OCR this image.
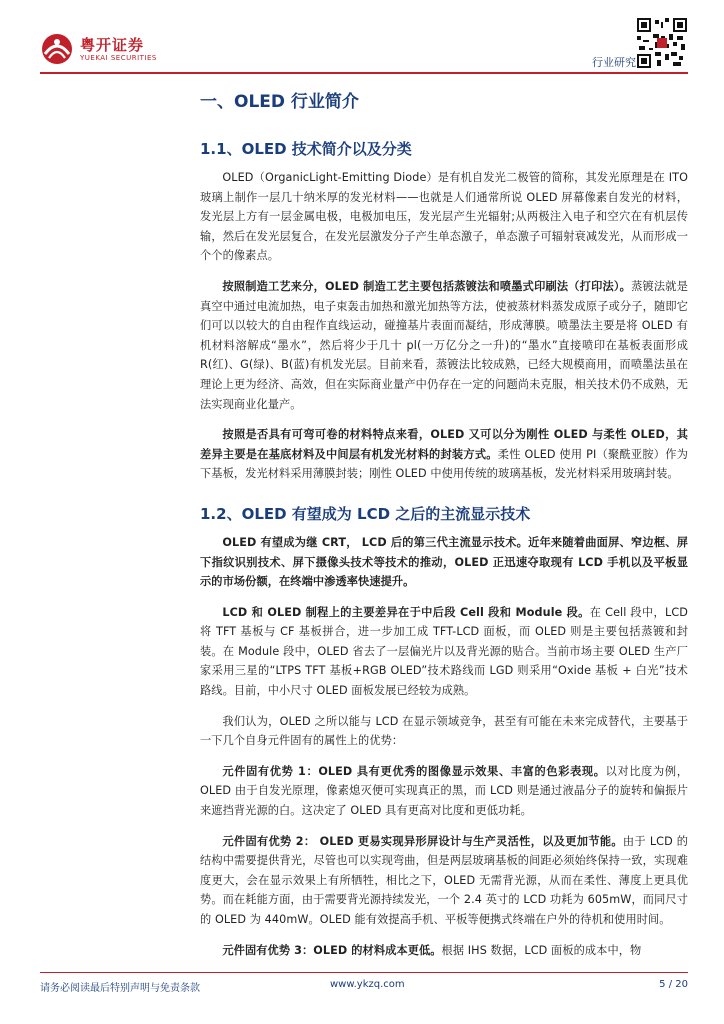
粤开证券
YUEKAI SECURITIES	行业研究
一、OLED 行业简介
1.1、OLED 技术简介以及分类

OLED（OrganicLight-Emitting Diode）是有机自发光二极管的简称，其发光原理是在 ITO 玻璃上制作一层几十纳米厚的发光材料——也就是人们通常所说 OLED 屏幕像素自发光的材料，发光层上方有一层金属电极，电极加电压，发光层产生光辐射;从两极注入电子和空穴在有机层传输，然后在发光层复合，在发光层激发分子产生单态激子，单态激子可辐射衰减发光，从而形成一个个的像素点。

按照制造工艺来分，OLED 制造工艺主要包括蒸镀法和喷墨式印刷法（打印法）。蒸镀法就是真空中通过电流加热，电子束轰击加热和激光加热等方法，使被蒸材料蒸发成原子或分子，随即它们可以以较大的自由程作直线运动，碰撞基片表面而凝结，形成薄膜。喷墨法主要是将 OLED 有机材料溶解成“墨水”，然后将少于几十 pl(一万亿分之一升)的“墨水”直接喷印在基板表面形成 R(红)、G(绿)、B(蓝)有机发光层。目前来看，蒸镀法比较成熟，已经大规模商用，而喷墨法虽在理论上更为经济、高效，但在实际商业量产中仍存在一定的问题尚未克服，相关技术仍不成熟，无法实现商业化量产。

按照是否具有可弯可卷的材料特点来看，OLED 又可以分为刚性 OLED 与柔性 OLED，其差异主要是在基底材料及中间层有机发光材料的封装方式。柔性 OLED 使用 PI（聚酰亚胺）作为下基板，发光材料采用薄膜封装；刚性 OLED 中使用传统的玻璃基板，发光材料采用玻璃封装。

1.2、OLED 有望成为 LCD 之后的主流显示技术

OLED 有望成为继 CRT， LCD 后的第三代主流显示技术。近年来随着曲面屏、窄边框、屏下指纹识别技术、屏下摄像头技术等技术的推动，OLED 正迅速夺取现有 LCD 手机以及平板显示的市场份额，在终端中渗透率快速提升。

LCD 和 OLED 制程上的主要差异在于中后段 Cell 段和 Module 段。在 Cell 段中，LCD 将 TFT 基板与 CF 基板拼合，进一步加工成 TFT-LCD 面板，而 OLED 则是主要包括蒸镀和封装。在 Module 段中，OLED 省去了一层偏光片以及背光源的贴合。当前市场主要 OLED 生产厂家采用三星的“LTPS TFT 基板+RGB OLED”技术路线而 LGD 则采用“Oxide 基板 + 白光”技术路线。目前，中小尺寸 OLED 面板发展已经较为成熟。

我们认为，OLED 之所以能与 LCD 在显示领域竞争，甚至有可能在未来完成替代，主要基于一下几个自身元件固有的属性上的优势：

元件固有优势 1：OLED 具有更优秀的图像显示效果、丰富的色彩表现。以对比度为例， OLED 由于自发光原理，像素熄灭便可实现真正的黑，而 LCD 则是通过液晶分子的旋转和偏振片来遮挡背光源的白。这决定了 OLED 具有更高对比度和更低功耗。

元件固有优势 2： OLED 更易实现异形屏设计与生产灵活性，以及更加节能。由于 LCD 的结构中需要提供背光，尽管也可以实现弯曲，但是两层玻璃基板的间距必须始终保持一致，实现难度更大，会在显示效果上有所牺牲，相比之下，OLED 无需背光源，从而在柔性、薄度上更具优势。而在耗能方面，由于需要背光源持续发光，一个 2.4 英寸的 LCD 功耗为 605mW，而同尺寸的 OLED 为 440mW。OLED 能有效提高手机、平板等便携式终端在户外的待机和使用时间。

元件固有优势 3：OLED 的材料成本更低。根据 IHS 数据，LCD 面板的成本中，物

请务必阅读最后特别声明与免责条款	www.ykzq.com	5 / 20
